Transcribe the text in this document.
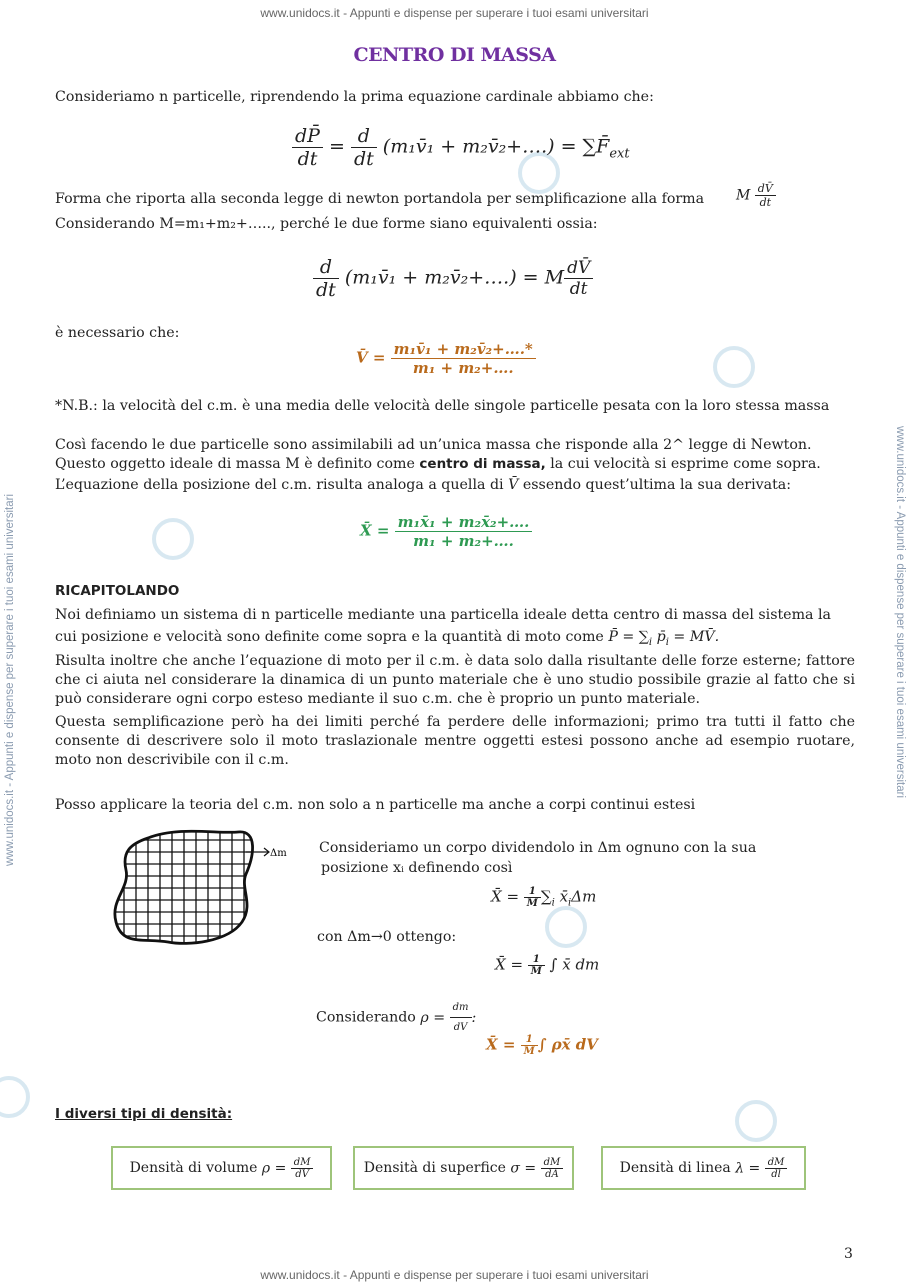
www.unidocs.it - Appunti e dispense per superare i tuoi esami universitari
www.unidocs.it - Appunti e dispense per superare i tuoi esami universitari
www.unidocs.it - Appunti e dispense per superare i tuoi esami universitari	www.unidocs.it - Appunti e dispense per superare i tuoi esami universitari
CENTRO DI MASSA
Consideriamo n particelle, riprendendo la prima equazione cardinale abbiamo che:
$\frac{dP̄}{dt} = \frac{d}{dt}$ (m₁v̄₁ + m₂v̄₂+….) = $\sum F̄_{ext}$
Forma che riporta alla seconda legge di newton portandola per semplificazione alla forma	M $\frac{dV̄}{dt}$
Considerando M=m₁+m₂+….., perché le due forme siano equivalenti ossia:
$\frac{d}{dt}$ (m₁v̄₁ + m₂v̄₂+….) = M $\frac{dV̄}{dt}$
è necessario che:
V̄ = $\frac{\text{m₁v̄₁ + m₂v̄₂+….*}}{\text{m₁ + m₂+….}}$
*N.B.: la velocità del c.m. è una media delle velocità delle singole particelle pesata con la loro stessa massa
Così facendo le due particelle sono assimilabili ad un’unica massa che risponde alla 2^ legge di Newton.
Questo oggetto ideale di massa M è definito come centro di massa, la cui velocità si esprime come sopra.
L’equazione della posizione del c.m. risulta analoga a quella di V̄ essendo quest’ultima la sua derivata:
X̄ = $\frac{\text{m₁x̄₁ + m₂x̄₂+….}}{\text{m₁ + m₂+….}}$
RICAPITOLANDO
Noi definiamo un sistema di n particelle mediante una particella ideale detta centro di massa del sistema la
cui posizione e velocità sono definite come sopra e la quantità di moto come P̄ = $\sum_i$ $p̄_i$ = MV̄.
Risulta inoltre che anche l’equazione di moto per il c.m. è data solo dalla risultante delle forze esterne; fattore che ci aiuta nel considerare la dinamica di un punto materiale che è uno studio possibile grazie al fatto che si può considerare ogni corpo esteso mediante il suo c.m. che è proprio un punto materiale.
Questa semplificazione però ha dei limiti perché fa perdere delle informazioni; primo tra tutti il fatto che consente di descrivere solo il moto traslazionale mentre oggetti estesi possono anche ad esempio ruotare, moto non descrivibile con il c.m.
Posso applicare la teoria del c.m. non solo a n particelle ma anche a corpi continui estesi
Δm Consideriamo un corpo dividendolo in Δm ognuno con la sua
posizione xᵢ definendo così
X̄ = $\frac{1}{M} \sum_i$ $x̄_i\Delta m$
con Δm→0 ottengo:
X̄ = $\frac{1}{M}$ ∫ x̄ dm
Considerando $\rho = \frac{dm}{dV}$ :
X̄ = $\frac{1}{M}$ ∫ ρx̄ dV
I diversi tipi di densità:
Densità di volume
$\rho = \frac{dM}{dV}$	Densità di superfice
$\sigma = \frac{dM}{dA}$	Densità di linea
$\lambda = \frac{dM}{dl}$
3
